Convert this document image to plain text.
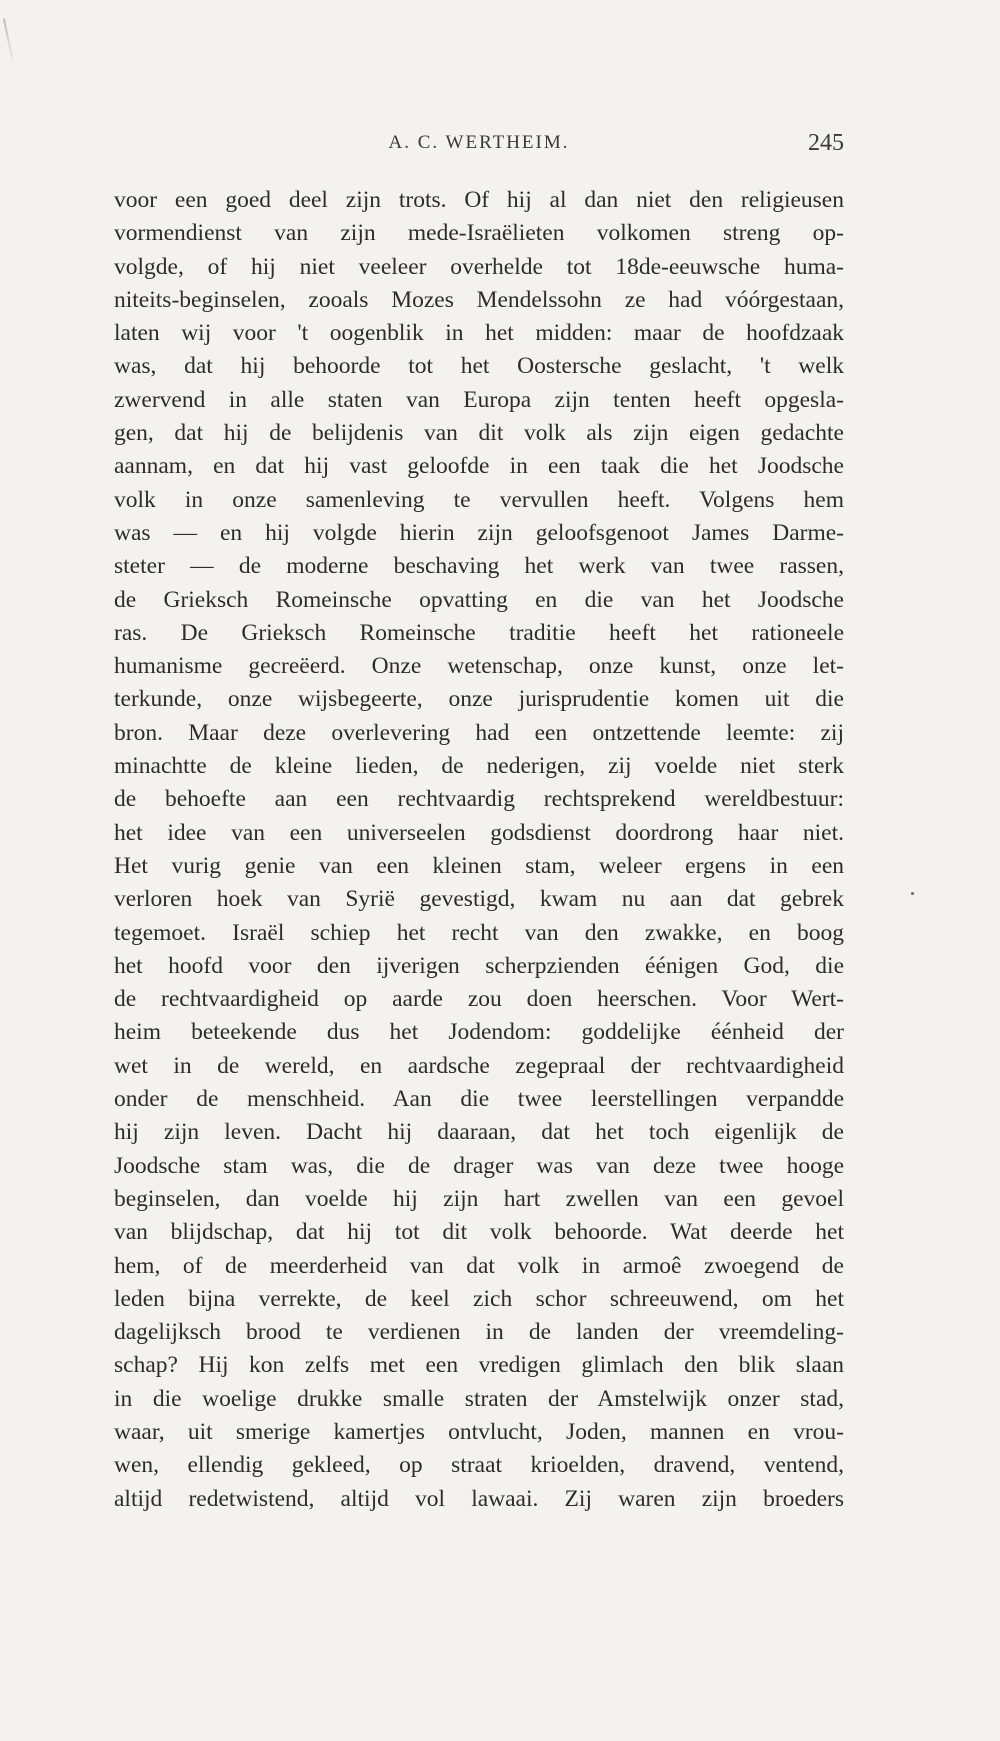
A. C. WERTHEIM.	245
voor een goed deel zijn trots. Of hij al dan niet den religieusen
vormendienst van zijn mede-Israëlieten volkomen streng op-
volgde, of hij niet veeleer overhelde tot 18de-eeuwsche huma-
niteits-beginselen, zooals Mozes Mendelssohn ze had vóórgestaan,
laten wij voor 't oogenblik in het midden: maar de hoofdzaak
was, dat hij behoorde tot het Oostersche geslacht, 't welk
zwervend in alle staten van Europa zijn tenten heeft opgesla-
gen, dat hij de belijdenis van dit volk als zijn eigen gedachte
aannam, en dat hij vast geloofde in een taak die het Joodsche
volk in onze samenleving te vervullen heeft. Volgens hem
was — en hij volgde hierin zijn geloofsgenoot James Darme-
steter — de moderne beschaving het werk van twee rassen,
de Grieksch Romeinsche opvatting en die van het Joodsche
ras. De Grieksch Romeinsche traditie heeft het rationeele
humanisme gecreëerd. Onze wetenschap, onze kunst, onze let-
terkunde, onze wijsbegeerte, onze jurisprudentie komen uit die
bron. Maar deze overlevering had een ontzettende leemte: zij
minachtte de kleine lieden, de nederigen, zij voelde niet sterk
de behoefte aan een rechtvaardig rechtsprekend wereldbestuur:
het idee van een universeelen godsdienst doordrong haar niet.
Het vurig genie van een kleinen stam, weleer ergens in een
verloren hoek van Syrië gevestigd, kwam nu aan dat gebrek
tegemoet. Israël schiep het recht van den zwakke, en boog
het hoofd voor den ijverigen scherpzienden éénigen God, die
de rechtvaardigheid op aarde zou doen heerschen. Voor Wert-
heim beteekende dus het Jodendom: goddelijke éénheid der
wet in de wereld, en aardsche zegepraal der rechtvaardigheid
onder de menschheid. Aan die twee leerstellingen verpandde
hij zijn leven. Dacht hij daaraan, dat het toch eigenlijk de
Joodsche stam was, die de drager was van deze twee hooge
beginselen, dan voelde hij zijn hart zwellen van een gevoel
van blijdschap, dat hij tot dit volk behoorde. Wat deerde het
hem, of de meerderheid van dat volk in armoê zwoegend de
leden bijna verrekte, de keel zich schor schreeuwend, om het
dagelijksch brood te verdienen in de landen der vreemdeling-
schap? Hij kon zelfs met een vredigen glimlach den blik slaan
in die woelige drukke smalle straten der Amstelwijk onzer stad,
waar, uit smerige kamertjes ontvlucht, Joden, mannen en vrou-
wen, ellendig gekleed, op straat krioelden, dravend, ventend,
altijd redetwistend, altijd vol lawaai. Zij waren zijn broeders
